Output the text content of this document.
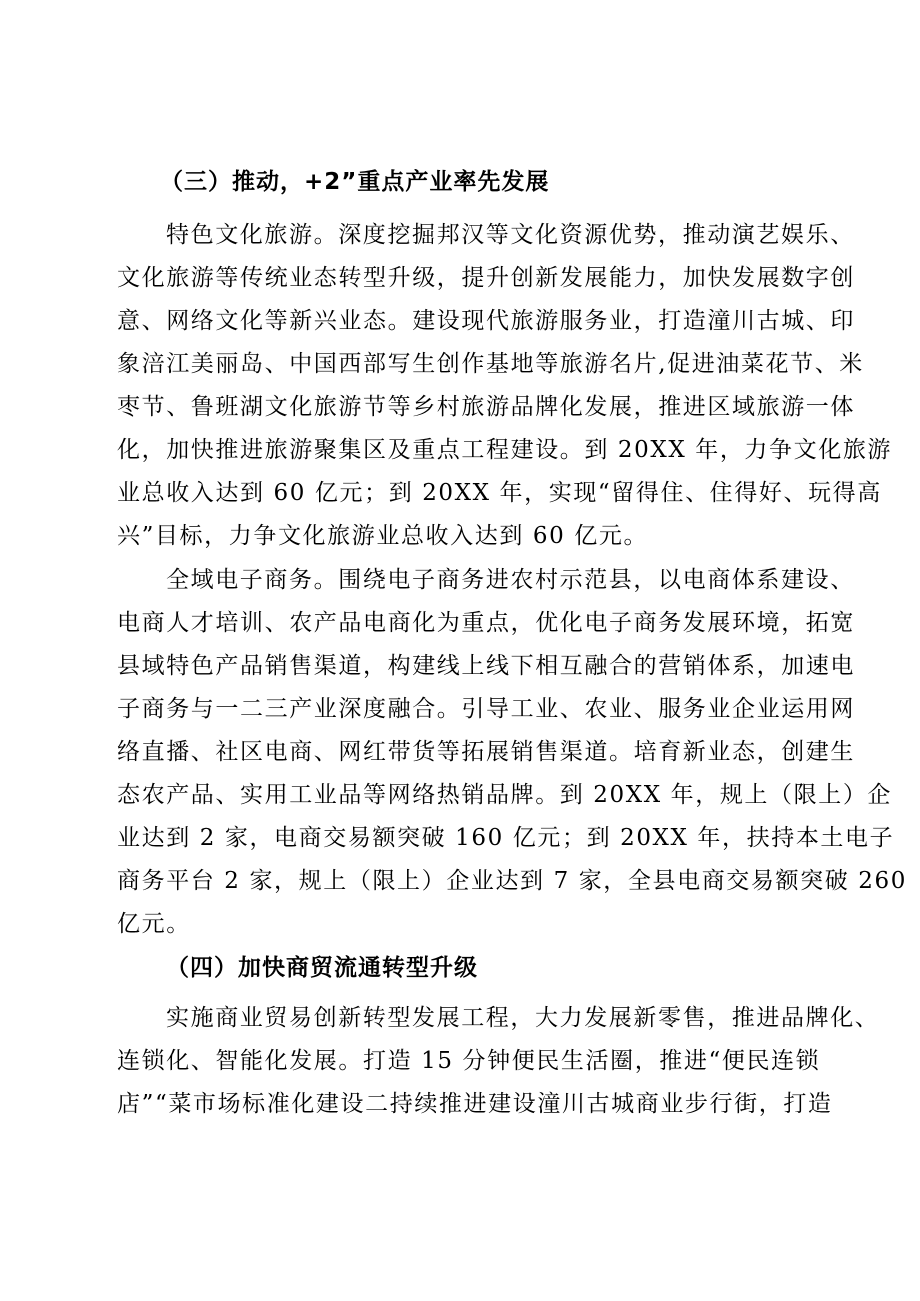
（三）推动，+2”重点产业率先发展
特色文化旅游。深度挖掘邦汉等文化资源优势，推动演艺娱乐、
文化旅游等传统业态转型升级，提升创新发展能力，加快发展数字创
意、网络文化等新兴业态。建设现代旅游服务业，打造潼川古城、印
象涪江美丽岛、中国西部写生创作基地等旅游名片,促进油菜花节、米
枣节、鲁班湖文化旅游节等乡村旅游品牌化发展，推进区域旅游一体
化，加快推进旅游聚集区及重点工程建设。到 20XX 年，力争文化旅游
业总收入达到 60 亿元；到 20XX 年，实现“留得住、住得好、玩得高
兴”目标，力争文化旅游业总收入达到 60 亿元。
全域电子商务。围绕电子商务进农村示范县，以电商体系建设、
电商人才培训、农产品电商化为重点，优化电子商务发展环境，拓宽
县域特色产品销售渠道，构建线上线下相互融合的营销体系，加速电
子商务与一二三产业深度融合。引导工业、农业、服务业企业运用网
络直播、社区电商、网红带货等拓展销售渠道。培育新业态，创建生
态农产品、实用工业品等网络热销品牌。到 20XX 年，规上（限上）企
业达到 2 家，电商交易额突破 160 亿元；到 20XX 年，扶持本土电子
商务平台 2 家，规上（限上）企业达到 7 家，全县电商交易额突破 260
亿元。
（四）加快商贸流通转型升级
实施商业贸易创新转型发展工程，大力发展新零售，推进品牌化、
连锁化、智能化发展。打造 15 分钟便民生活圈，推进“便民连锁
店”“菜市场标准化建设二持续推进建设潼川古城商业步行街，打造
